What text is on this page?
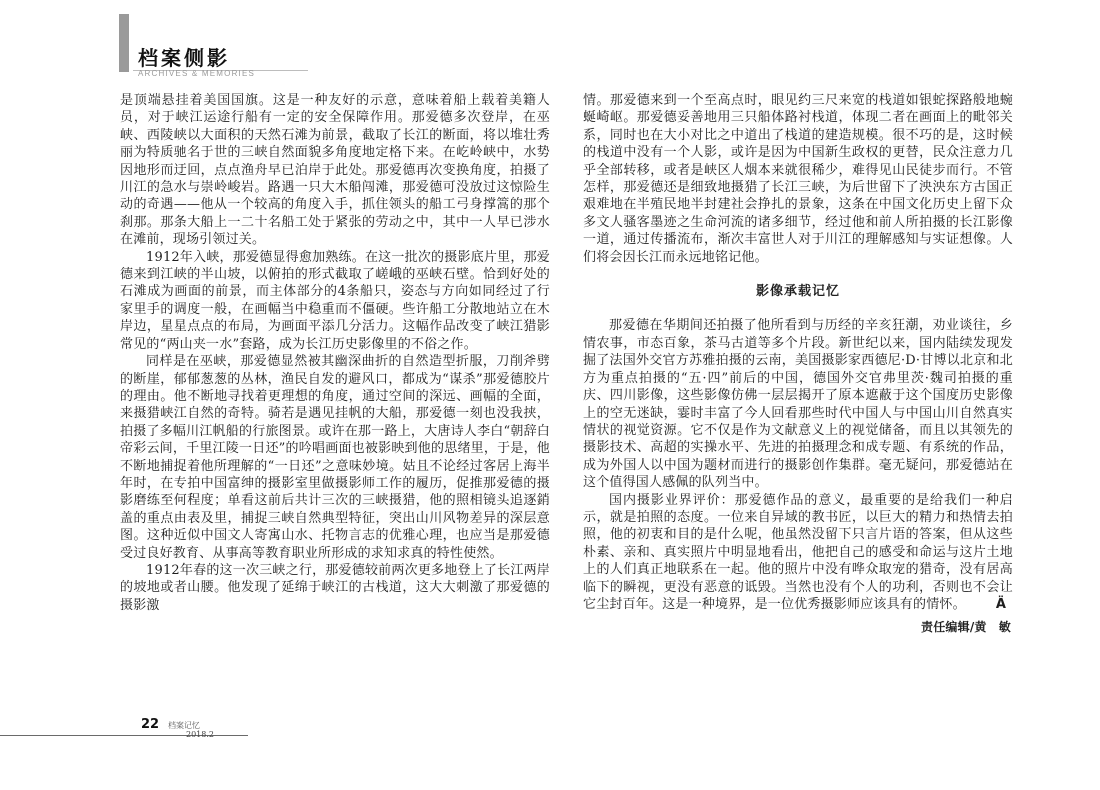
档案侧影
ARCHIVES & MEMORIES

是顶端悬挂着美国国旗。这是一种友好的示意，意味着船上载着美籍人员，对于峡江运途行船有一定的安全保障作用。那爱德多次登岸，在巫峡、西陵峡以大面积的天然石滩为前景，截取了长江的断面，将以堆壮秀丽为特质驰名于世的三峡自然面貌多角度地定格下来。在屹岭峡中，水势因地形而迂回，点点渔舟早已泊岸于此处。那爱德再次变换角度，拍摄了川江的急水与崇岭峻岩。路遇一只大木船闯滩，那爱德可没放过这惊险生动的奇遇——他从一个较高的角度入手，抓住领头的船工弓身撑篙的那个刹那。那条大船上一二十名船工处于紧张的劳动之中，其中一人早已涉水在滩前，现场引领过关。

1912年入峡，那爱德显得愈加熟练。在这一批次的摄影底片里，那爱德来到江峡的半山坡，以俯拍的形式截取了嵯峨的巫峡石壁。恰到好处的石滩成为画面的前景，而主体部分的4条船只，姿态与方向如同经过了行家里手的调度一般，在画幅当中稳重而不僵硬。些许船工分散地站立在木岸边，星星点点的布局，为画面平添几分活力。这幅作品改变了峡江猎影常见的“两山夹一水”套路，成为长江历史影像里的不俗之作。

同样是在巫峡，那爱德显然被其幽深曲折的自然造型折服，刀削斧劈的断崖，郁郁葱葱的丛林，渔民自发的避风口，都成为“谋杀”那爱德胶片的理由。他不断地寻找着更理想的角度，通过空间的深远、画幅的全面，来摄猎峡江自然的奇特。骑若是遇见挂帆的大船，那爱德一刻也没我挟，拍摄了多幅川江帆船的行旅图景。或许在那一路上，大唐诗人李白“朝辞白帝彩云间，千里江陵一日还”的吟唱画面也被影映到他的思绪里，于是，他不断地捕捉着他所理解的“一日还”之意味妙境。姑且不论经过客居上海半年时，在专拍中国富绅的摄影室里做摄影师工作的履历，促推那爱德的摄影磨练至何程度；单看这前后共计三次的三峡摄猎，他的照相镜头追逐銷盖的重点由表及里，捕捉三峡自然典型特征，突出山川风物差异的深层意图。这种近似中国文人寄寓山水、托物言志的优雅心理，也应当是那爱德受过良好教育、从事高等教育职业所形成的求知求真的特性使然。

1912年春的这一次三峡之行，那爱德较前两次更多地登上了长江两岸的坡地或者山腰。他发现了延绵于峡江的古栈道，这大大刺激了那爱德的摄影激

情。那爱德来到一个至高点时，眼见约三尺来宽的栈道如银蛇探路般地蜿蜒崎岖。那爱德妥善地用三只船体路衬栈道，体现二者在画面上的毗邻关系，同时也在大小对比之中道出了栈道的建造规模。很不巧的是，这时候的栈道中没有一个人影，或许是因为中国新生政权的更替，民众注意力几乎全部转移，或者是峡区人烟本来就很稀少，难得见山民徒步而行。不管怎样，那爱德还是细致地摄猎了长江三峡，为后世留下了泱泱东方古国正艰难地在半殖民地半封建社会挣扎的景象，这条在中国文化历史上留下众多文人骚客墨迹之生命河流的诸多细节，经过他和前人所拍摄的长江影像一道，通过传播流布，渐次丰富世人对于川江的理解感知与实证想像。人们将会因长江而永远地铭记他。

影像承载记忆

那爱德在华期间还拍摄了他所看到与历经的辛亥狂潮，劝业谈往，乡情农事，市态百象，茶马古道等多个片段。新世纪以来，国内陆续发现发掘了法国外交官方苏雅拍摄的云南，美国摄影家西德尼·D·甘博以北京和北方为重点拍摄的“五·四”前后的中国，德国外交官弗里茨·魏司拍摄的重庆、四川影像，这些影像仿佛一层层揭开了原本遮蔽于这个国度历史影像上的空无迷缺，霎时丰富了今人回看那些时代中国人与中国山川自然真实情状的视觉资源。它不仅是作为文献意义上的视觉储备，而且以其领先的摄影技术、高超的实操水平、先进的拍摄理念和成专题、有系统的作品，成为外国人以中国为题材而进行的摄影创作集群。毫无疑问，那爱德站在这个值得国人感佩的队列当中。

国内摄影业界评价：那爱德作品的意义，最重要的是给我们一种启示，就是拍照的态度。一位来自异域的教书匠，以巨大的精力和热情去拍照，他的初衷和目的是什么呢，他虽然没留下只言片语的答案，但从这些朴素、亲和、真实照片中明显地看出，他把自己的感受和命运与这片土地上的人们真正地联系在一起。他的照片中没有哗众取宠的猎奇，没有居高临下的瞬视，更没有恶意的诋毁。当然也没有个人的功利，否则也不会让它尘封百年。这是一种境界，是一位优秀摄影师应该具有的情怀。 Ä

责任编辑/黄　敏
22 档案记忆
2018.2
